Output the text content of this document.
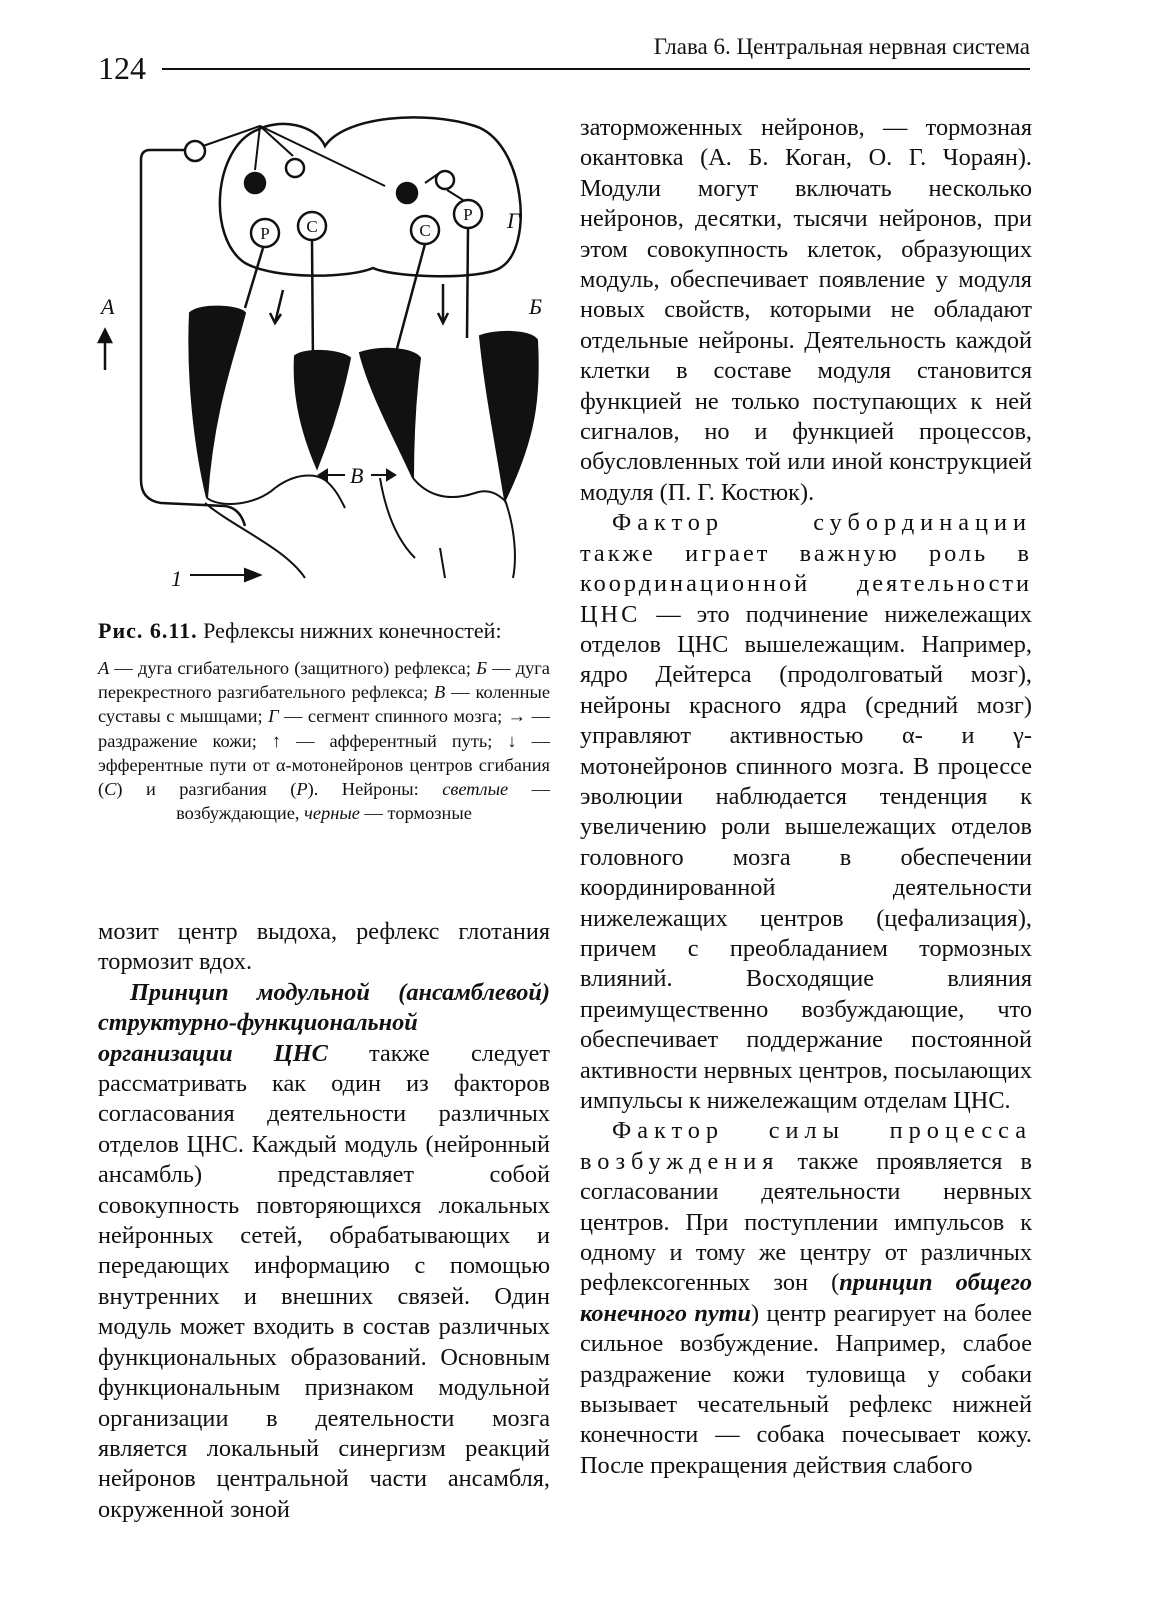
124
Глава 6. Центральная нервная система
А	Б
В
Г
1
Р С	С
Р

Рис. 6.11. Рефлексы нижних конечностей:

А — дуга сгибательного (защитного) рефлекса; Б — дуга перекрестного разгибательного рефлекса; В — коленные суставы с мышцами; Г — сегмент спинного мозга; → — раздражение кожи; ↑ — афферентный путь; ↓ — эфферентные пути от α-мотонейронов центров сгибания (С) и разгибания (Р). Нейроны: светлые — возбуждающие, черные — тормозные

мозит центр выдоха, рефлекс глотания тормозит вдох.

Принцип модульной (ансамблевой) структурно-функциональной организации ЦНС также следует рассматривать как один из факторов согласования деятельности различных отделов ЦНС. Каждый модуль (нейронный ансамбль) представляет собой совокупность повторяющихся локальных нейронных сетей, обрабатывающих и передающих информацию с помощью внутренних и внешних связей. Один модуль может входить в состав различных функциональных образований. Основным функциональным признаком модульной организации в деятельности мозга является локальный синергизм реакций нейронов центральной части ансамбля, окруженной зоной

заторможенных нейронов, — тормозная окантовка (А. Б. Коган, О. Г. Чораян). Модули могут включать несколько нейронов, десятки, тысячи нейронов, при этом совокупность клеток, образующих модуль, обеспечивает появление у модуля новых свойств, которыми не обладают отдельные нейроны. Деятельность каждой клетки в составе модуля становится функцией не только поступающих к ней сигналов, но и функцией процессов, обусловленных той или иной конструкцией модуля (П. Г. Костюк).

Фактор субординации также играет важную роль в координационной деятельности ЦНС — это подчинение нижележащих отделов ЦНС вышележащим. Например, ядро Дейтерса (продолговатый мозг), нейроны красного ядра (средний мозг) управляют активностью α- и γ-мотонейронов спинного мозга. В процессе эволюции наблюдается тенденция к увеличению роли вышележащих отделов головного мозга в обеспечении координированной деятельности нижележащих центров (цефализация), причем с преобладанием тормозных влияний. Восходящие влияния преимущественно возбуждающие, что обеспечивает поддержание постоянной активности нервных центров, посылающих импульсы к нижележащим отделам ЦНС.

Фактор силы процесса возбуждения также проявляется в согласовании деятельности нервных центров. При поступлении импульсов к одному и тому же центру от различных рефлексогенных зон (принцип общего конечного пути) центр реагирует на более сильное возбуждение. Например, слабое раздражение кожи туловища у собаки вызывает чесательный рефлекс нижней конечности — собака почесывает кожу. После прекращения действия слабого
